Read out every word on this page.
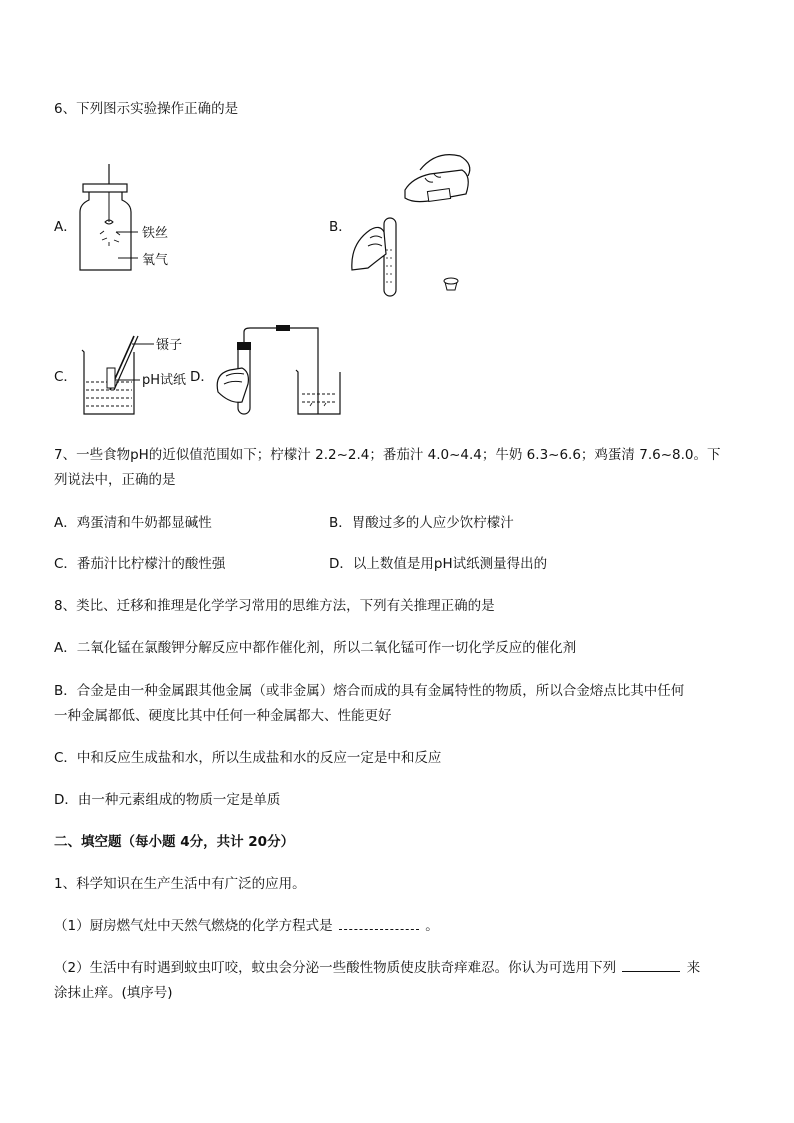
6、下列图示实验操作正确的是
A．	铁丝
氧气
B．
C．
镊子
pH试纸 D．
7、一些食物pH的近似值范围如下；柠檬汁 2.2~2.4；番茄汁 4.0~4.4；牛奶 6.3~6.6；鸡蛋清 7.6~8.0。下
列说法中，正确的是
A．鸡蛋清和牛奶都显碱性	B．胃酸过多的人应少饮柠檬汁
C．番茄汁比柠檬汁的酸性强	D．以上数值是用pH试纸测量得出的
8、类比、迁移和推理是化学学习常用的思维方法，下列有关推理正确的是
A．二氧化锰在氯酸钾分解反应中都作催化剂，所以二氧化锰可作一切化学反应的催化剂
B．合金是由一种金属跟其他金属（或非金属）熔合而成的具有金属特性的物质，所以合金熔点比其中任何
一种金属都低、硬度比其中任何一种金属都大、性能更好
C．中和反应生成盐和水，所以生成盐和水的反应一定是中和反应
D．由一种元素组成的物质一定是单质
二、填空题（每小题 4分，共计 20分）
1、科学知识在生产生活中有广泛的应用。
（1）厨房燃气灶中天然气燃烧的化学方程式是	。
（2）生活中有时遇到蚊虫叮咬，蚊虫会分泌一些酸性物质使皮肤奇痒难忍。你认为可选用下列	来
涂抹止痒。(填序号)
